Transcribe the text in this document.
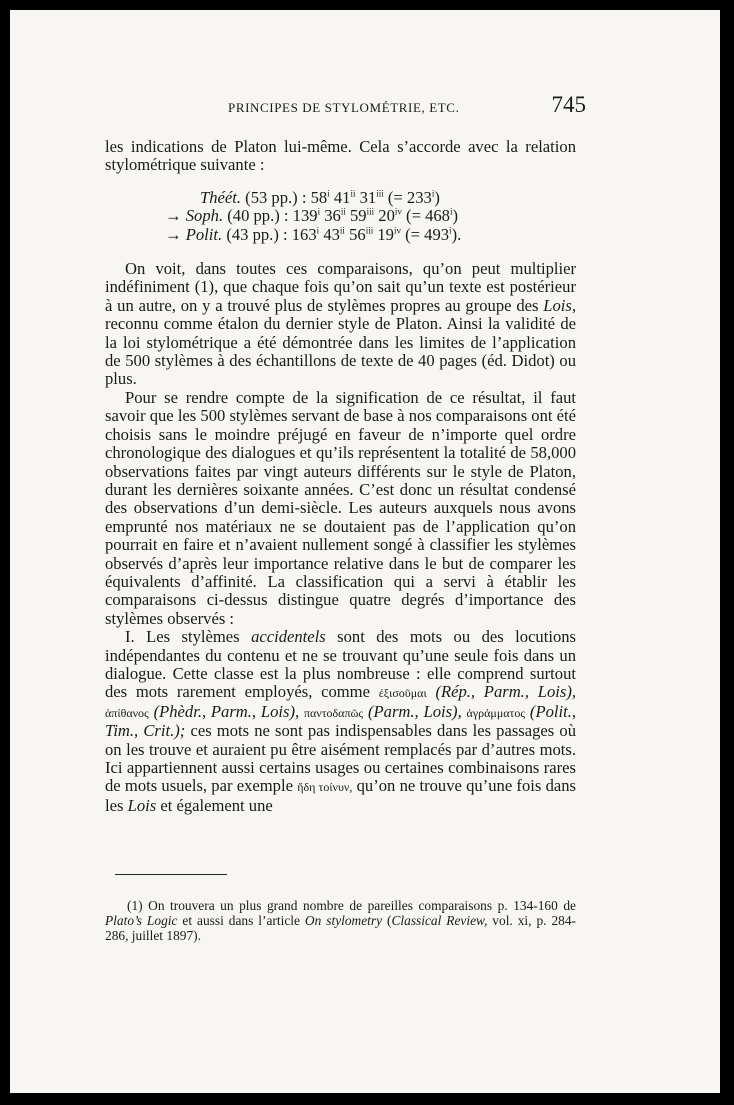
PRINCIPES DE STYLOMÉTRIE, ETC.	745

les indications de Platon lui-même. Cela s’accorde avec la relation stylométrique suivante :

Théét. (53 pp.) : 58$^i$ 41$^{ii}$ 31$^{iii}$ (= $233^i$)
→ Soph. (40 pp.) : 139$^i$ 36$^{ii}$ 59$^{iii}$ 20$^{iv}$ (= $468^i$)
→ Polit. (43 pp.) : 163$^i$ 43$^{ii}$ 56$^{iii}$ 19$^{iv}$ (= $493^i$).

On voit, dans toutes ces comparaisons, qu’on peut multiplier indéfiniment (1), que chaque fois qu’on sait qu’un texte est postérieur à un autre, on y a trouvé plus de stylèmes propres au groupe des Lois, reconnu comme étalon du dernier style de Platon. Ainsi la validité de la loi stylométrique a été démontrée dans les limites de l’application de 500 stylèmes à des échantillons de texte de 40 pages (éd. Didot) ou plus.

Pour se rendre compte de la signification de ce résultat, il faut savoir que les 500 stylèmes servant de base à nos comparaisons ont été choisis sans le moindre préjugé en faveur de n’importe quel ordre chronologique des dialogues et qu’ils représentent la totalité de 58,000 observations faites par vingt auteurs différents sur le style de Platon, durant les dernières soixante années. C’est donc un résultat condensé des observations d’un demi-siècle. Les auteurs auxquels nous avons emprunté nos matériaux ne se doutaient pas de l’application qu’on pourrait en faire et n’avaient nullement songé à classifier les stylèmes observés d’après leur importance relative dans le but de comparer les équivalents d’affinité. La classification qui a servi à établir les comparaisons ci-dessus distingue quatre degrés d’importance des stylèmes observés :

I. Les stylèmes accidentels sont des mots ou des locutions indépendantes du contenu et ne se trouvant qu’une seule fois dans un dialogue. Cette classe est la plus nombreuse : elle comprend surtout des mots rarement employés, comme ἐξισοῦμαι (Rép., Parm., Lois), ἀπίθανος (Phèdr., Parm., Lois), παντοδαπῶς (Parm., Lois), ἀγράμματος (Polit., Tim., Crit.); ces mots ne sont pas indispensables dans les passages où on les trouve et auraient pu être aisément remplacés par d’autres mots. Ici appartiennent aussi certains usages ou certaines combinaisons rares de mots usuels, par exemple ἤδη τοίνυν, qu’on ne trouve qu’une fois dans les Lois et également une

(1) On trouvera un plus grand nombre de pareilles comparaisons p. 134-160 de Plato’s Logic et aussi dans l’article On stylometry (Classical Review, vol. xi, p. 284-286, juillet 1897).
